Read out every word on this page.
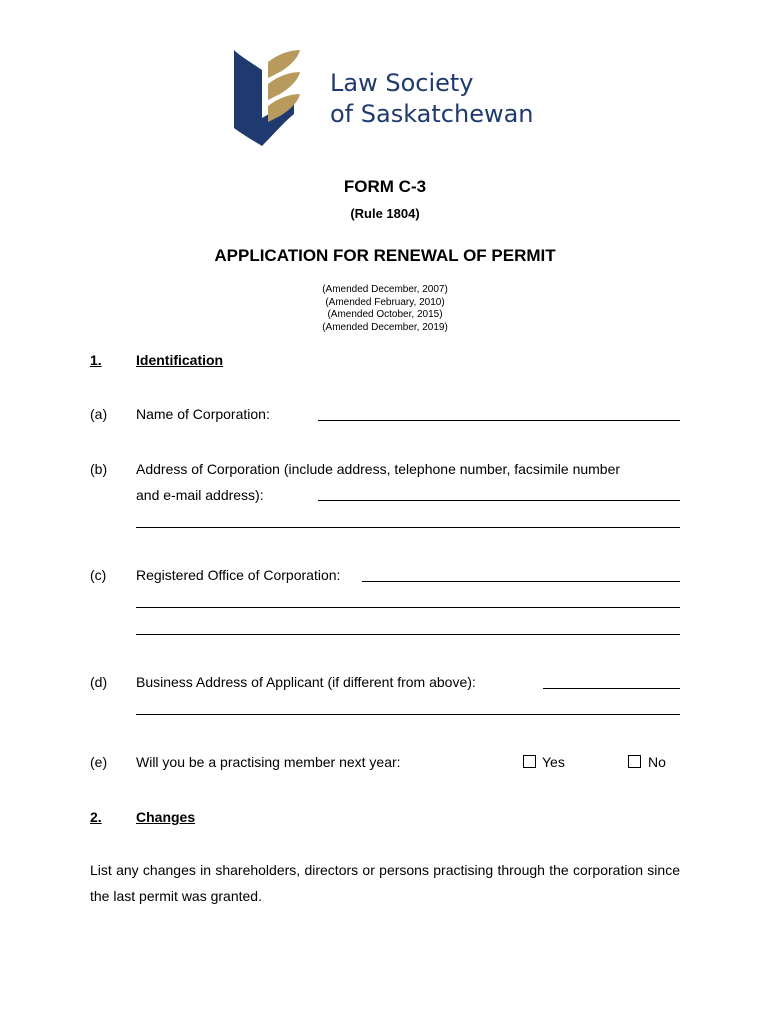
Law Society
of Saskatchewan
FORM C-3
(Rule 1804)
APPLICATION FOR RENEWAL OF PERMIT
(Amended December, 2007)
(Amended February, 2010)
(Amended October, 2015)
(Amended December, 2019)
1. Identification
(a) Name of Corporation:
(b) Address of Corporation (include address, telephone number, facsimile number
and e-mail address):
(c) Registered Office of Corporation:
(d) Business Address of Applicant (if different from above):
(e) Will you be a practising member next year:	Yes	No
2. Changes
List any changes in shareholders, directors or persons practising through the corporation since the last permit was granted.
